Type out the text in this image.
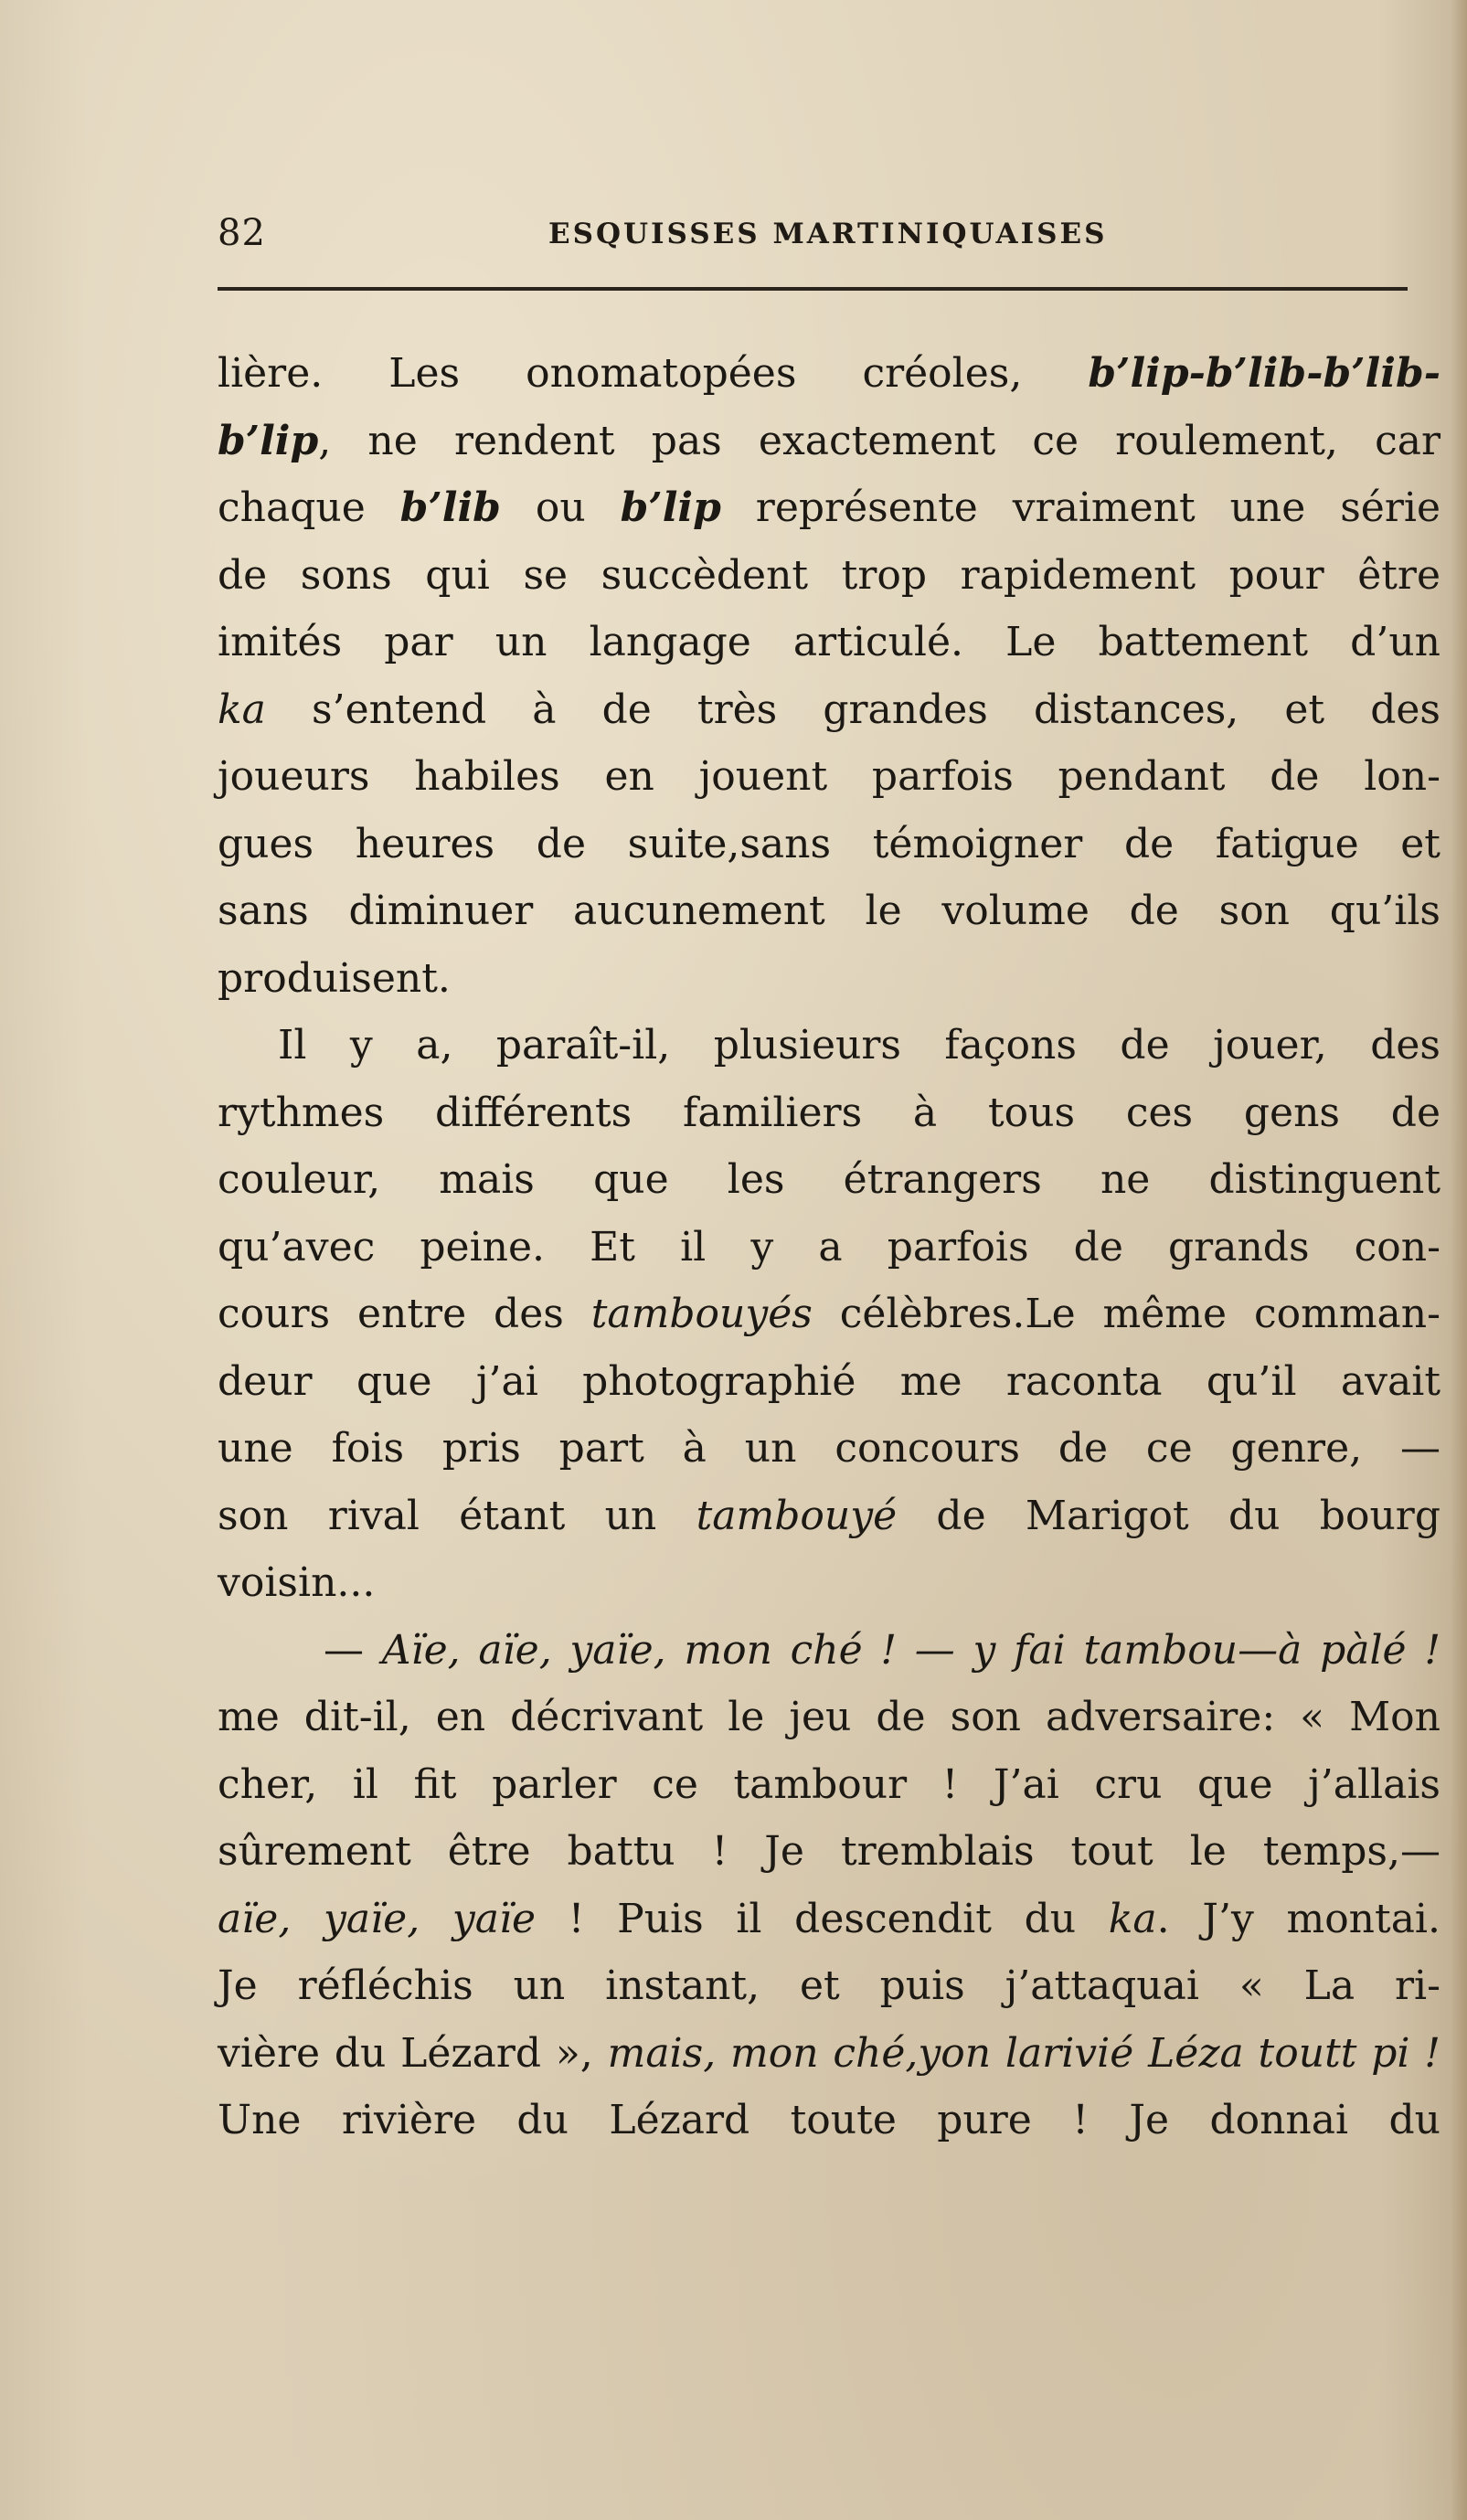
82	ESQUISSES MARTINIQUAISES
lière. Les onomatopées créoles, b’lip-b’lib-b’lib-
b’lip, ne rendent pas exactement ce roulement, car
chaque b’lib ou b’lip représente vraiment une série
de sons qui se succèdent trop rapidement pour être
imités par un langage articulé. Le battement d’un
ka s’entend à de très grandes distances, et des
joueurs habiles en jouent parfois pendant de lon-
gues heures de suite,sans témoigner de fatigue et
sans diminuer aucunement le volume de son qu’ils
produisent.
Il y a, paraît-il, plusieurs façons de jouer, des
rythmes différents familiers à tous ces gens de
couleur, mais que les étrangers ne distinguent
qu’avec peine. Et il y a parfois de grands con-
cours entre des tambouyés célèbres.Le même comman-
deur que j’ai photographié me raconta qu’il avait
une fois pris part à un concours de ce genre, —
son rival étant un tambouyé de Marigot du bourg
voisin...
— Aïe, aïe, yaïe, mon ché ! — y fai tambou—à pàlé !
me dit-il, en décrivant le jeu de son adversaire: « Mon
cher, il fit parler ce tambour ! J’ai cru que j’allais
sûrement être battu ! Je tremblais tout le temps,—
aïe, yaïe, yaïe ! Puis il descendit du ka. J’y montai.
Je réfléchis un instant, et puis j’attaquai « La ri-
vière du Lézard », mais, mon ché,yon larivié Léza toutt pi !
Une rivière du Lézard toute pure ! Je donnai du
